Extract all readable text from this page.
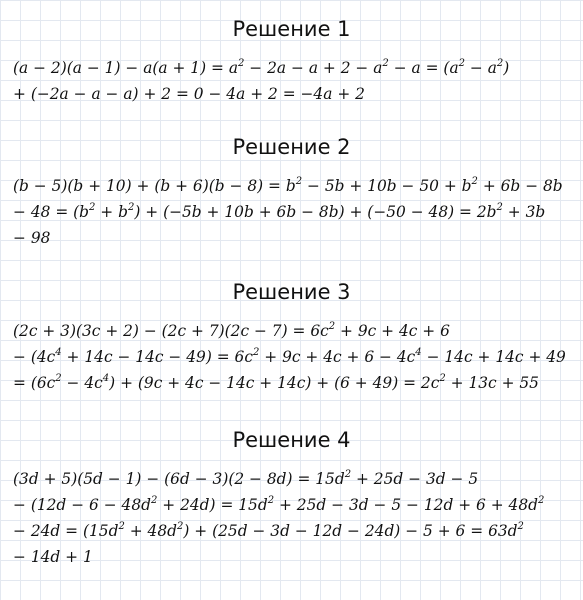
Решение 1
$(a - 2)(a - 1) - a(a + 1) = a^2 - 2a - a + 2 - a^2 - a = (a^2 - a^2)$
+ (−2a − a − a) + 2 = 0 − 4a + 2 = −4a + 2
Решение 2
$(b - 5)(b + 10) + (b + 6)(b - 8) = b^2 - 5b + 10b - 50 + b^2 + 6b - 8b$
− $48 = (b^2 + b^2) + (-5b + 10b + 6b - 8b) + (-50 - 48) = 2b^2 + 3b$
− 98
Решение 3
$(2c + 3)(3c + 2) - (2c + 7)(2c - 7) = 6c^2 + 9c + 4c + 6$
− $(4c^4 + 14c - 14c - 49) = 6c^2 + 9c + 4c + 6 - 4c^4 - 14c + 14c + 49$
= $(6c^2 - 4c^4) + (9c + 4c - 14c + 14c) + (6 + 49) = 2c^2 + 13c + 55$
Решение 4
$(3d + 5)(5d - 1) - (6d - 3)(2 - 8d) = 15d^2 + 25d - 3d - 5$
− $(12d - 6 - 48d^2 + 24d) = 15d^2 + 25d - 3d - 5 - 12d + 6 + 48d^2$
− $24d = (15d^2 + 48d^2) + (25d - 3d - 12d - 24d) - 5 + 6 = 63d^2$
− 14d + 1
